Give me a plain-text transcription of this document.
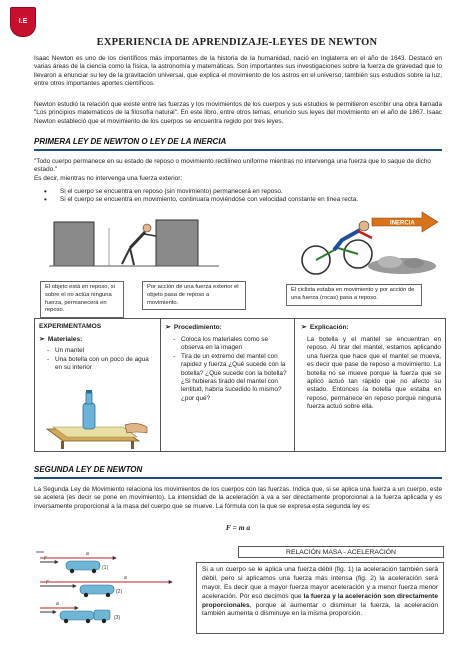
I.E
EXPERIENCIA DE APRENDIZAJE-LEYES DE NEWTON

Isaac Newton es uno de los científicos más importantes de la historia de la humanidad, nació en Inglaterra en el año de 1643. Destacó en varias áreas de la ciencia como la física, la astronomía y matemáticas. Son importantes sus investigaciones sobre la fuerza de gravedad que lo llevaron a enunciar su ley de la gravitación universal, que explica el movimiento de los astros en el universo, también sus estudios sobre la luz, entre otros importantes aportes científicos.

Newton estudió la relación que existe entre las fuerzas y los movimientos de los cuerpos y sus estudios le permitieron escribir una obra llamada "Los principios matemáticos de la filosofía natural". En este libro, entre otros temas, enuncio sus leyes del movimiento en el año de 1867. Isaac Newton estableció que el movimiento de los cuerpos se encuentra regido por tres leyes.

PRIMERA LEY DE NEWTON O LEY DE LA INERCIA
"Todo cuerpo permanece en su estado de reposo o movimiento rectilíneo uniforme mientras no intervenga una fuerza que lo saque de dicho estado."
Es decir, mientras no intervenga una fuerza exterior:
• Si el cuerpo se encuentra en reposo (sin movimiento) permanecerá en reposo.
• Si el cuerpo se encuentra en movimiento, continuara moviéndose con velocidad constante en línea recta.
INERCIA
El objeto está en reposo, si sobre el no actúa ninguna fuerza, permanecerá en reposo.
Por acción de una fuerza exterior el objeto pasa de reposo a movimiento.
El ciclista estaba en movimiento y por acción de una fuerza (rocas) pasa a reposo.
EXPERIMENTAMOS
➢ Materiales:
- Un mantel
- Una botella con un poco de agua en su interior
➢ Procedimiento:
- Coloca los materiales como se observa en la imagen
- Tira de un extremo del mantel con rapidez y fuerza ¿Qué sucede con la botella? ¿Qué sucede con la botella? ¿Si hubieras tirado del mantel con lentitud, habría sucedido lo mismo? ¿por qué?
➢ Explicación:

La botella y el mantel se encuentran en reposo. Al tirar del mantel, estamos aplicando una fuerza que hace que el mantel se mueva, es decir que pase de reposo a movimiento. La botella no se mueve porque la fuerza que se aplicó actuó tan rápido que no afecto su estado. Entonces la botella que estaba en reposo, permanece en reposo porque ninguna fuerza actuó sobre ella.

SEGUNDA LEY DE NEWTON

La Segunda Ley de Movimiento relaciona los movimientos de los cuerpos con las fuerzas. Indica que, si se aplica una fuerza a un cuerpo, este se acelera (es decir se pone en movimiento). La intensidad de la aceleración a va a ser directamente proporcional a la fuerza aplicada y es inversamente proporcional a la masa del cuerpo que se mueve. La fórmula con la que se expresa esta segunda ley es:

F = m a
RELACIÓN MASA - ACELERACIÓN
a
F
(1)
a
F
(2)
a
(3)
Si a un cuerpo se le aplica una fuerza débil (fig. 1) la aceleración también será débil, pero si aplicamos una fuerza más intensa (fig. 2) la aceleración será mayor. Es decir que a mayor fuerza mayor aceleración y a menor fuerza menor aceleración. Por eso decimos que la fuerza y la aceleración son directamente proporcionales, porque al aumentar o disminuir la fuerza, la aceleración también aumenta o disminuye en la misma proporción.
